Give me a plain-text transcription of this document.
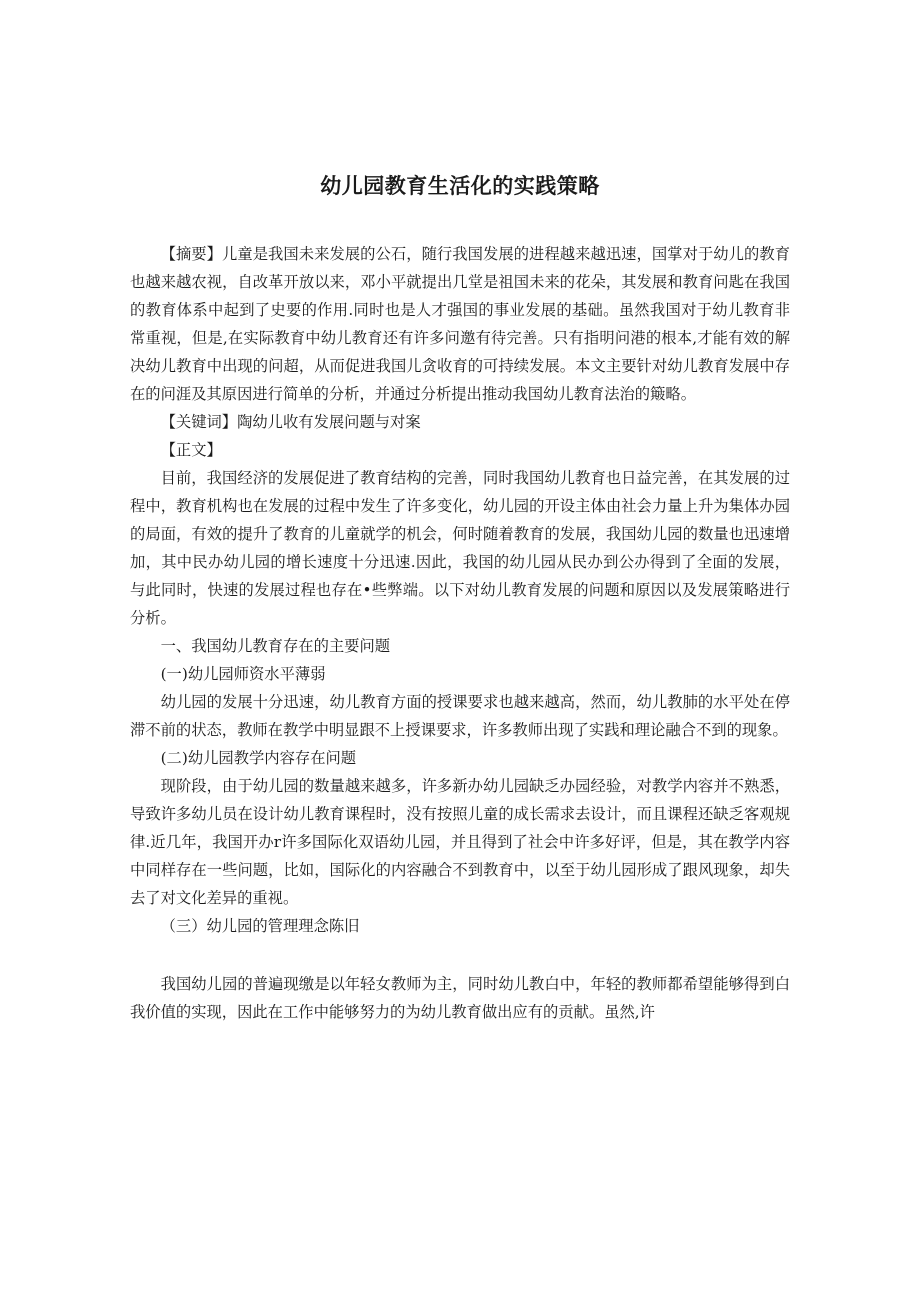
幼儿园教育生活化的实践策略

【摘要】儿童是我国未来发展的公石，随行我国发展的进程越来越迅速，国掌对于幼儿的教育也越来越农视，自改革开放以来，邓小平就提出几堂是祖国未来的花朵，其发展和教育问匙在我国的教育体系中起到了史要的作用.同时也是人才强国的事业发展的基础。虽然我国对于幼儿教育非常重视，但是,在实际教育中幼儿教育还有许多问邀有待完善。只有指明问港的根本,才能有效的解决幼儿教育中出现的问超，从而促进我国儿贪收育的可持续发展。本文主要针对幼儿教育发展中存在的问涯及其原因进行简单的分析，并通过分析提出推动我国幼儿教育法治的簸略。

【关键词】陶幼儿收有发展问题与对案

【正文】

目前，我国经济的发展促进了教育结构的完善，同时我国幼儿教育也日益完善，在其发展的过程中，教育机构也在发展的过程中发生了许多变化，幼儿园的开设主体由社会力量上升为集体办园的局面，有效的提升了教育的儿童就学的机会，何时随着教育的发展，我国幼儿园的数量也迅速增加，其中民办幼儿园的增长速度十分迅速.因此，我国的幼儿园从民办到公办得到了全面的发展，与此同时，快速的发展过程也存在•些弊端。以下对幼儿教育发展的问题和原因以及发展策略进行分析。

一、我国幼儿教育存在的主要问题

(一)幼儿园师资水平薄弱

幼儿园的发展十分迅速，幼儿教育方面的授课要求也越来越高，然而，幼儿教肺的水平处在停滞不前的状态，教师在教学中明显跟不上授课要求，许多教师出现了实践和理论融合不到的现象。

(二)幼儿园教学内容存在问题

现阶段，由于幼儿园的数量越来越多，许多新办幼儿园缺乏办园经验，对教学内容并不熟悉，导致许多幼儿员在设计幼儿教育课程时，没有按照儿童的成长需求去设计，而且课程还缺乏客观规律.近几年，我国开办r许多国际化双语幼儿园，并且得到了社会中许多好评，但是，其在教学内容中同样存在一些问题，比如，国际化的内容融合不到教育中，以至于幼儿园形成了跟风现象，却失去了对文化差异的重视。

（三）幼儿园的管理理念陈旧

我国幼儿园的普遍现缴是以年轻女教师为主，同时幼儿教白中，年轻的教师都希望能够得到白我价值的实现，因此在工作中能够努力的为幼儿教育做出应有的贡献。虽然,许
